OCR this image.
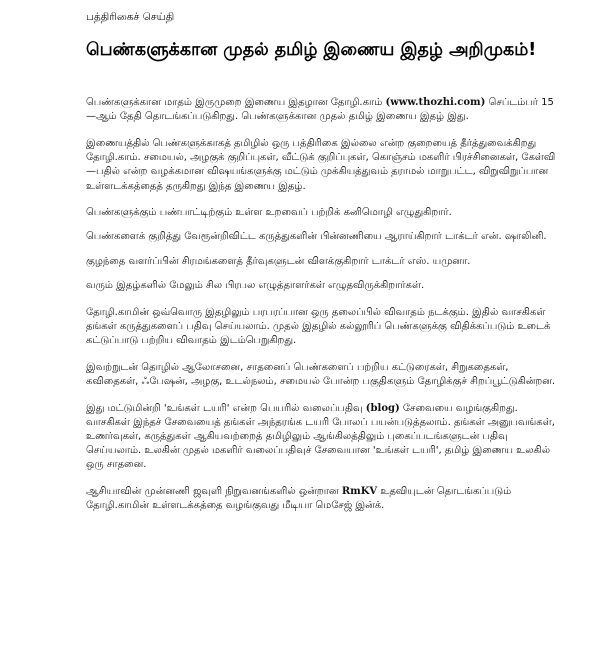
பத்திரிகைச் செய்தி
பெண்களுக்கான முதல் தமிழ் இணைய இதழ் அறிமுகம்!

பெண்களுக்கான மாதம் இருமுறை இணைய இதழான தோழி.காம் (www.thozhi.com) செப்டம்பர் 15—ஆம் தேதி தொடங்கப்படுகிறது. பெண்களுக்கான முதல் தமிழ் இணைய இதழ் இது.

இணையத்தில் பெண்களுக்காகத் தமிழில் ஒரு பத்திரிகை இல்லை என்ற குறையைத் தீர்த்துவைக்கிறது தோழி.காம். சமையல், அழகுக் குறிப்புகள், வீட்டுக் குறிப்புகள், கொஞ்சம் மகளிர் பிரச்சினைகள், கேள்வி—பதில் என்ற வழக்கமான விஷயங்களுக்கு மட்டும் முக்கியத்துவம் தராமல் மாறுபட்ட, விறுவிறுப்பான உள்ளடக்கத்தைத் தருகிறது இந்த இணைய இதழ்.

பெண்களுக்கும் பண்பாட்டிற்கும் உள்ள உறவைப் பற்றிக் கனிமொழி எழுதுகிறார்.

பெண்களைக் குறித்து வேரூன்றிவிட்ட கருத்துகளின் பின்னணியை ஆராய்கிறார் டாக்டர் என். ஷாலினி.

குழந்தை வளர்ப்பின் சிரமங்களைத் தீர்வுகளுடன் விளக்குகிறார் டாக்டர் எஸ். யமுனா.

வரும் இதழ்களில் மேலும் சில பிரபல எழுத்தாளர்கள் எழுதவிருக்கிறார்கள்.

தோழி.காமின் ஒவ்வொரு இதழிலும் பரபரப்பான ஒரு தலைப்பில் விவாதம் நடக்கும். இதில் வாசகிகள் தங்கள் கருத்துகளைப் பதிவு செய்யலாம். முதல் இதழில் கல்லூரிப் பெண்களுக்கு விதிக்கப்படும் உடைக் கட்டுப்பாடு பற்றிய விவாதம் இடம்பெறுகிறது.

இவற்றுடன் தொழில் ஆலோசனை, சாதனைப் பெண்களைப் பற்றிய கட்டுரைகள், சிறுகதைகள், கவிதைகள், ஃபேஷன், அழகு, உடல்நலம், சமையல் போன்ற பகுதிகளும் தோழிக்குச் சிறப்பூட்டுகின்றன.

இது மட்டுமின்றி 'உங்கள் டயரி' என்ற பெயரில் வலைப்பதிவு (blog) சேவையை வழங்குகிறது. வாசகிகள் இந்தச் சேவையைத் தங்கள் அந்தரங்க டயரி போலப் பயன்படுத்தலாம். தங்கள் அனுபவங்கள், உணர்வுகள், கருத்துகள் ஆகியவற்றைத் தமிழிலும் ஆங்கிலத்திலும் புகைப்படங்களுடன் பதிவு செய்யலாம். உலகின் முதல் மகளிர் வலைப்பதிவுச் சேவையான 'உங்கள் டயரி', தமிழ் இணைய உலகில் ஒரு சாதனை.

ஆசியாவின் முன்னணி ஜவுளி நிறுவனங்களில் ஒன்றான RmKV உதவியுடன் தொடங்கப்படும் தோழி.காமின் உள்ளடக்கத்தை வழங்குவது மீடியா மெசேஜ் இன்க்.
